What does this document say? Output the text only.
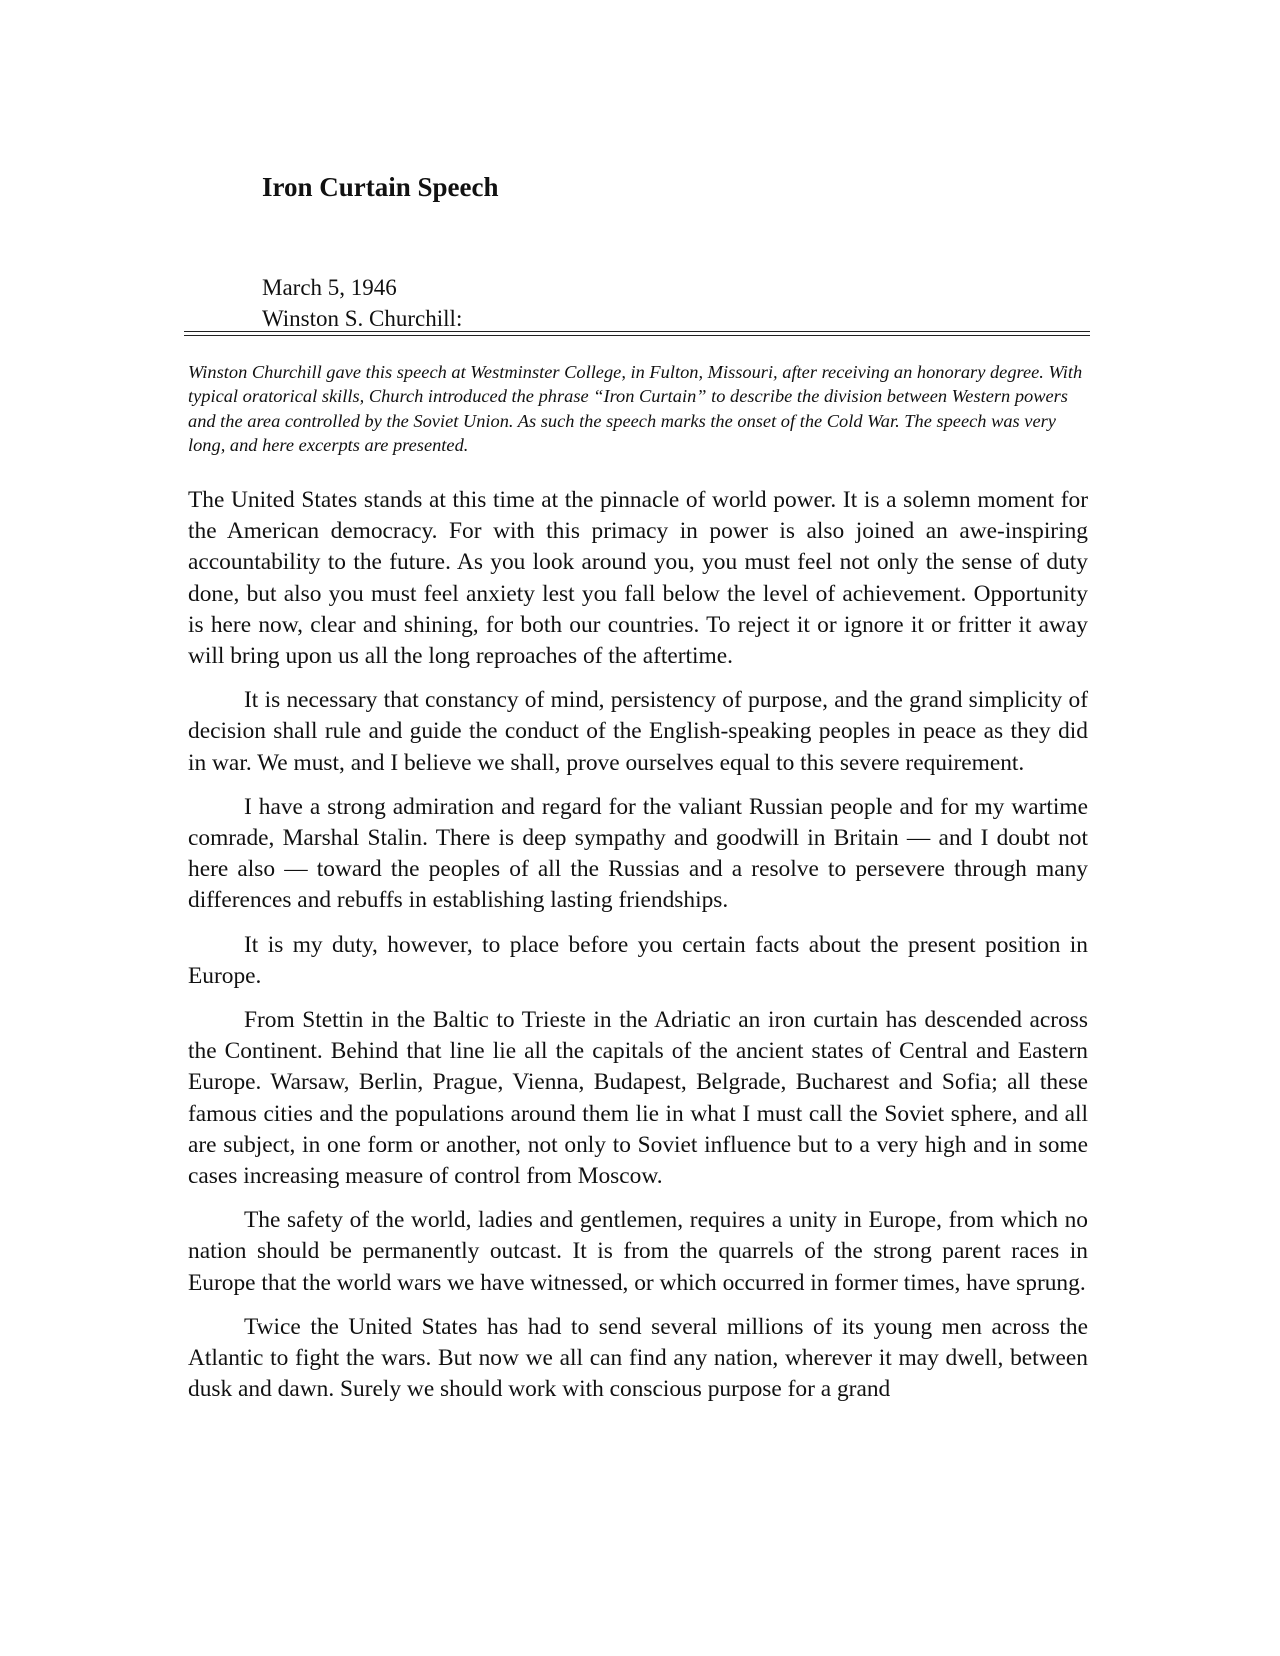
Iron Curtain Speech
March 5, 1946
Winston S. Churchill:

Winston Churchill gave this speech at Westminster College, in Fulton, Missouri, after receiving an honorary degree. With typical oratorical skills, Church introduced the phrase “Iron Curtain” to describe the division between Western powers and the area controlled by the Soviet Union. As such the speech marks the onset of the Cold War. The speech was very long, and here excerpts are presented.

The United States stands at this time at the pinnacle of world power. It is a solemn moment for the American democracy. For with this primacy in power is also joined an awe-inspiring accountability to the future. As you look around you, you must feel not only the sense of duty done, but also you must feel anxiety lest you fall below the level of achievement. Opportunity is here now, clear and shining, for both our countries. To reject it or ignore it or fritter it away will bring upon us all the long reproaches of the aftertime.

It is necessary that constancy of mind, persistency of purpose, and the grand simplicity of decision shall rule and guide the conduct of the English-speaking peoples in peace as they did in war. We must, and I believe we shall, prove ourselves equal to this severe requirement.

I have a strong admiration and regard for the valiant Russian people and for my wartime comrade, Marshal Stalin. There is deep sympathy and goodwill in Britain — and I doubt not here also — toward the peoples of all the Russias and a resolve to persevere through many differences and rebuffs in establishing lasting friendships.

It is my duty, however, to place before you certain facts about the present position in Europe.

From Stettin in the Baltic to Trieste in the Adriatic an iron curtain has descended across the Continent. Behind that line lie all the capitals of the ancient states of Central and Eastern Europe. Warsaw, Berlin, Prague, Vienna, Budapest, Belgrade, Bucharest and Sofia; all these famous cities and the populations around them lie in what I must call the Soviet sphere, and all are subject, in one form or another, not only to Soviet influence but to a very high and in some cases increasing measure of control from Moscow.

The safety of the world, ladies and gentlemen, requires a unity in Europe, from which no nation should be permanently outcast. It is from the quarrels of the strong parent races in Europe that the world wars we have witnessed, or which occurred in former times, have sprung.

Twice the United States has had to send several millions of its young men across the Atlantic to fight the wars. But now we all can find any nation, wherever it may dwell, between dusk and dawn. Surely we should work with conscious purpose for a grand
